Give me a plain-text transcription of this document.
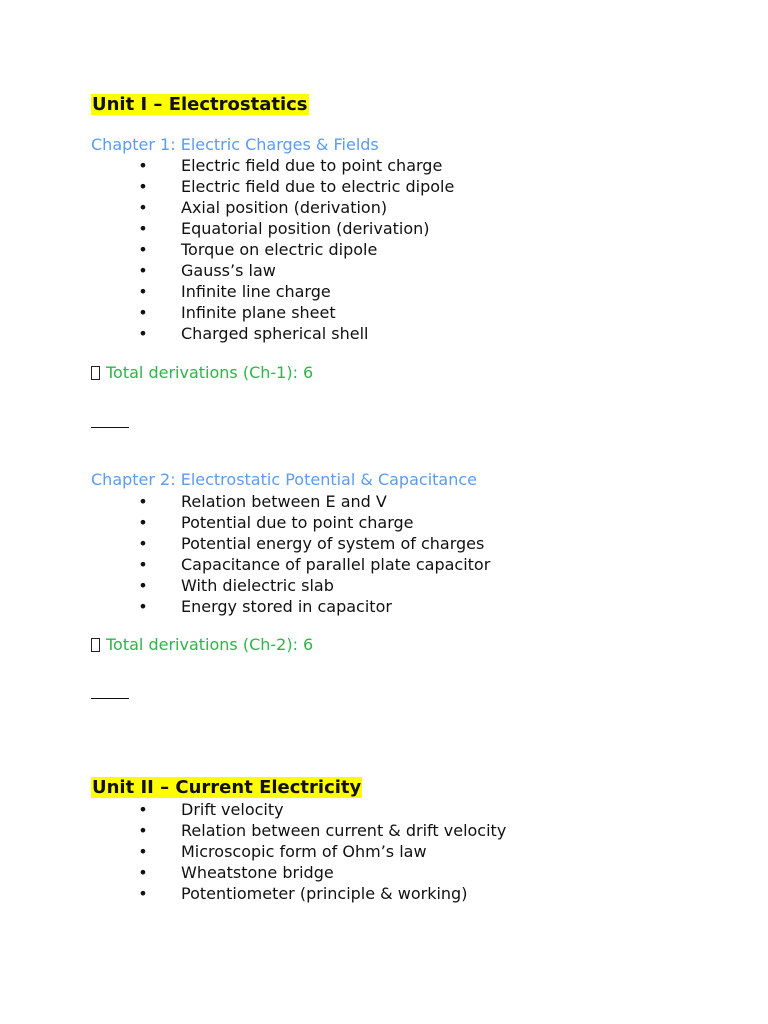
Unit I – Electrostatics
Chapter 1: Electric Charges & Fields
• Electric field due to point charge
• Electric field due to electric dipole
• Axial position (derivation)
• Equatorial position (derivation)
• Torque on electric dipole
• Gauss’s law
• Infinite line charge
• Infinite plane sheet
• Charged spherical shell

Total derivations (Ch-1): 6

Chapter 2: Electrostatic Potential & Capacitance
• Relation between E and V
• Potential due to point charge
• Potential energy of system of charges
• Capacitance of parallel plate capacitor
• With dielectric slab
• Energy stored in capacitor

Total derivations (Ch-2): 6

Unit II – Current Electricity
• Drift velocity
• Relation between current & drift velocity
• Microscopic form of Ohm’s law
• Wheatstone bridge
• Potentiometer (principle & working)
